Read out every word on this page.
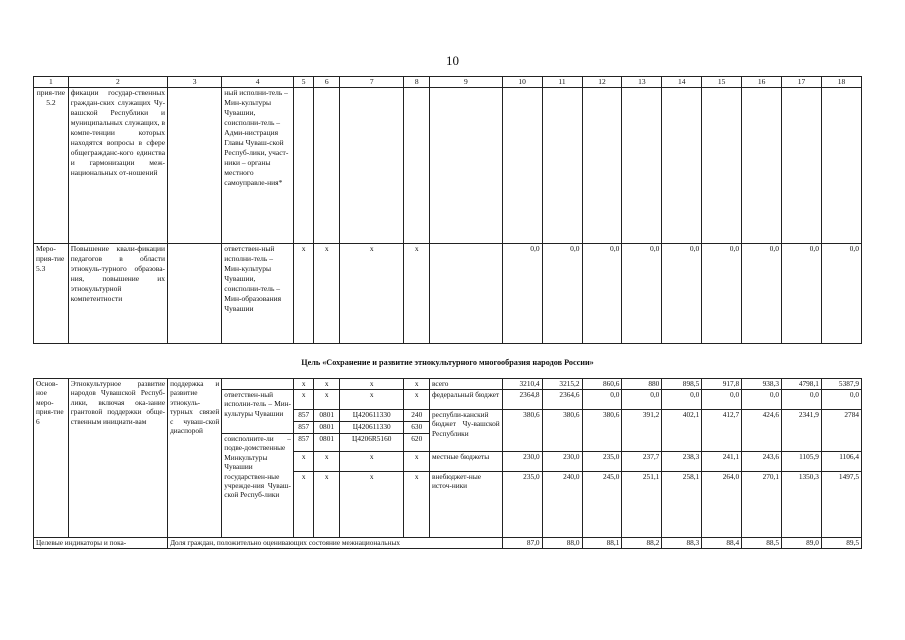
10
1	2	3	4	5	6	7	8	9	10	11	12	13	14	15	16	17	18
прия-тие 5.2	фикации государ-ственных граждан-ских служащих Чу-вашской Республики и муниципальных служащих, в компе-тенции которых находятся вопросы в сфере общегражданс-кого единства и гармонизации меж-национальных от-ношений		ный исполни-тель – Мин-культуры Чувашии, соисполни-тель – Адми-нистрация Главы Чуваш-ской Респуб-лики, участ-ники – органы местного самоуправле-ния*														
Меро-прия-тие 5.3	Повышение квали-фикации педагогов в области этнокуль-турного образова-ния, повышение их этнокультурной компетентности		ответствен-ный исполни-тель – Мин-культуры Чувашии, соисполни-тель – Мин-образования Чувашии	x	x	x	x		0,0	0,0	0,0	0,0	0,0	0,0	0,0	0,0	0,0
Цель «Сохранение и развитие этнокультурного многообразия народов России»
Основ-ное меро-прия-тие 6	Этнокультурное развитие народов Чувашской Респуб-лики, включая ока-зание грантовой поддержки обще-ственным инициати-вам	поддержка и развитие этнокуль-турных связей с чуваш-ской диаспорой		x	x	x	x	всего	3210,4	3215,2	860,6	880	898,5	917,8	938,3	4798,1	5387,9
			ответствен-ный исполни-тель – Мин-культуры Чувашии	x	x	x	x	федеральный бюджет	2364,8	2364,6	0,0	0,0	0,0	0,0	0,0	0,0	0,0
				857	0801	Ц420611330	240	республи-канский бюджет Чу-вашской Республики	380,6	380,6	380,6	391,2	402,1	412,7	424,6	2341,9	2784
				857	0801	Ц420611330	630										
			соисполните-ли – подве-домственные Минкультуры Чувашии государствен-ные учрежде-ния Чуваш-ской Респуб-лики	857	0801	Ц4206R5160	620										
				x	x	x	x	местные бюджеты	230,0	230,0	235,0	237,7	238,3	241,1	243,6	1105,9	1106,4
				x	x	x	x	внебюджет-ные источ-ники	235,0	240,0	245,0	251,1	258,1	264,0	270,1	1350,3	1497,5
Целевые индикаторы и пока-		Доля граждан, положительно оценивающих состояние межнациональных							87,0	88,0	88,1	88,2	88,3	88,4	88,5	89,0	89,5
